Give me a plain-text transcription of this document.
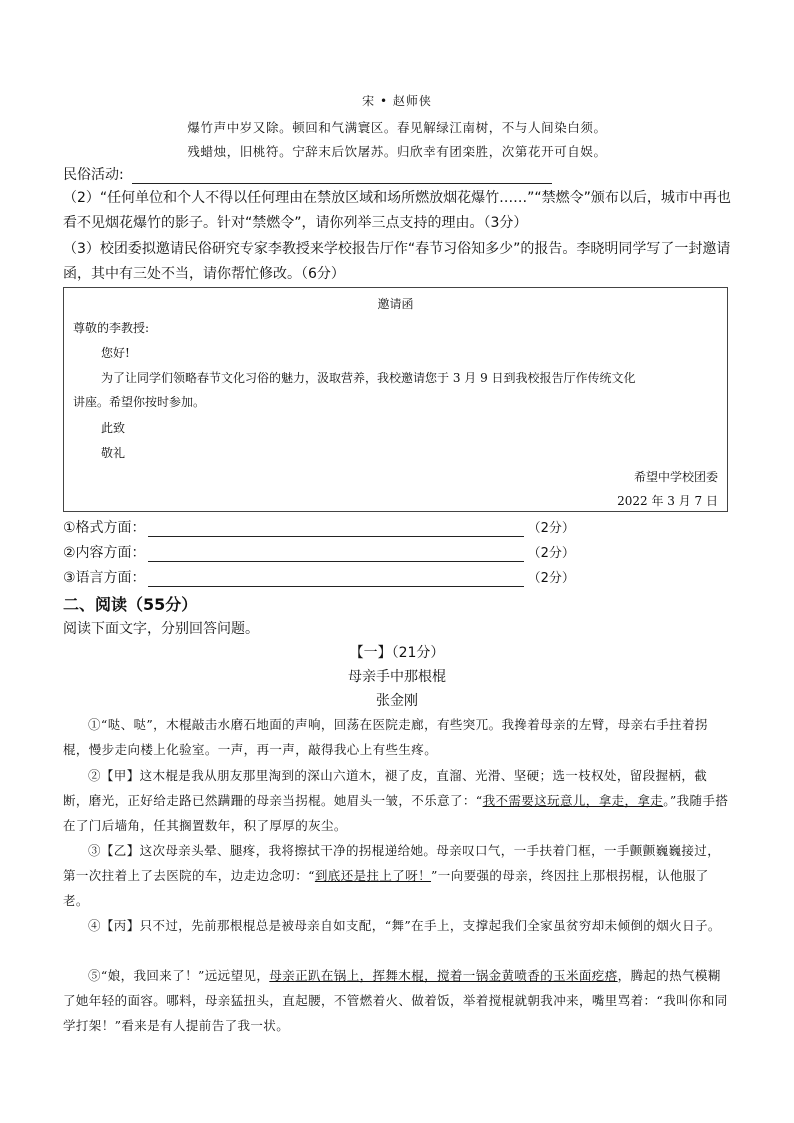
宋 • 赵师侠
爆竹声中岁又除。顿回和气满寰区。春见解绿江南树，不与人间染白须。
残蜡烛，旧桃符。宁辞末后饮屠苏。归欣幸有团栾胜，次第花开可自娱。
民俗活动:
（2）“任何单位和个人不得以任何理由在禁放区域和场所燃放烟花爆竹……”“禁燃令”颁布以后，城市中再也看不见烟花爆竹的影子。针对“禁燃令”，请你列举三点支持的理由。（3分）
（3）校团委拟邀请民俗研究专家李教授来学校报告厅作“春节习俗知多少”的报告。李晓明同学写了一封邀请函，其中有三处不当，请你帮忙修改。（6分）
邀请函
尊敬的李教授:
您好!
为了让同学们领略春节文化习俗的魅力，汲取营养，我校邀请您于 3 月 9 日到我校报告厅作传统文化
讲座。希望你按时参加。
此致
敬礼
希望中学校团委
2022 年 3 月 7 日
①格式方面：	（2分）
②内容方面：	（2分）
③语言方面：	（2分）
二、阅读（55分）
阅读下面文字，分别回答问题。
【一】（21分）
母亲手中那根棍
张金刚
①“哒、哒”，木棍敲击水磨石地面的声响，回荡在医院走廊，有些突兀。我搀着母亲的左臂，母亲右手拄着拐棍，慢步走向楼上化验室。一声，再一声，敲得我心上有些生疼。
②【甲】这木棍是我从朋友那里淘到的深山六道木，褪了皮，直溜、光滑、坚硬；选一枝权处，留段握柄，截断，磨光，正好给走路已然蹒跚的母亲当拐棍。她眉头一皱，不乐意了：“我不需要这玩意儿，拿走，拿走。”我随手搭在了门后墙角，任其搁置数年，积了厚厚的灰尘。
③【乙】这次母亲头晕、腿疼，我将擦拭干净的拐棍递给她。母亲叹口气，一手扶着门框，一手颤颤巍巍接过，第一次拄着上了去医院的车，边走边念叨：“到底还是拄上了呀！”一向要强的母亲，终因拄上那根拐棍，认他服了老。
④【丙】只不过，先前那根棍总是被母亲自如支配，“舞”在手上，支撑起我们全家虽贫穷却未倾倒的烟火日子。
⑤“娘，我回来了！”远远望见，母亲正趴在锅上，挥舞木棍，搅着一锅金黄喷香的玉米面疙瘩，腾起的热气模糊了她年轻的面容。哪料，母亲猛扭头，直起腰，不管燃着火、做着饭，举着搅棍就朝我冲来，嘴里骂着：“我叫你和同学打架！”看来是有人提前告了我一状。
